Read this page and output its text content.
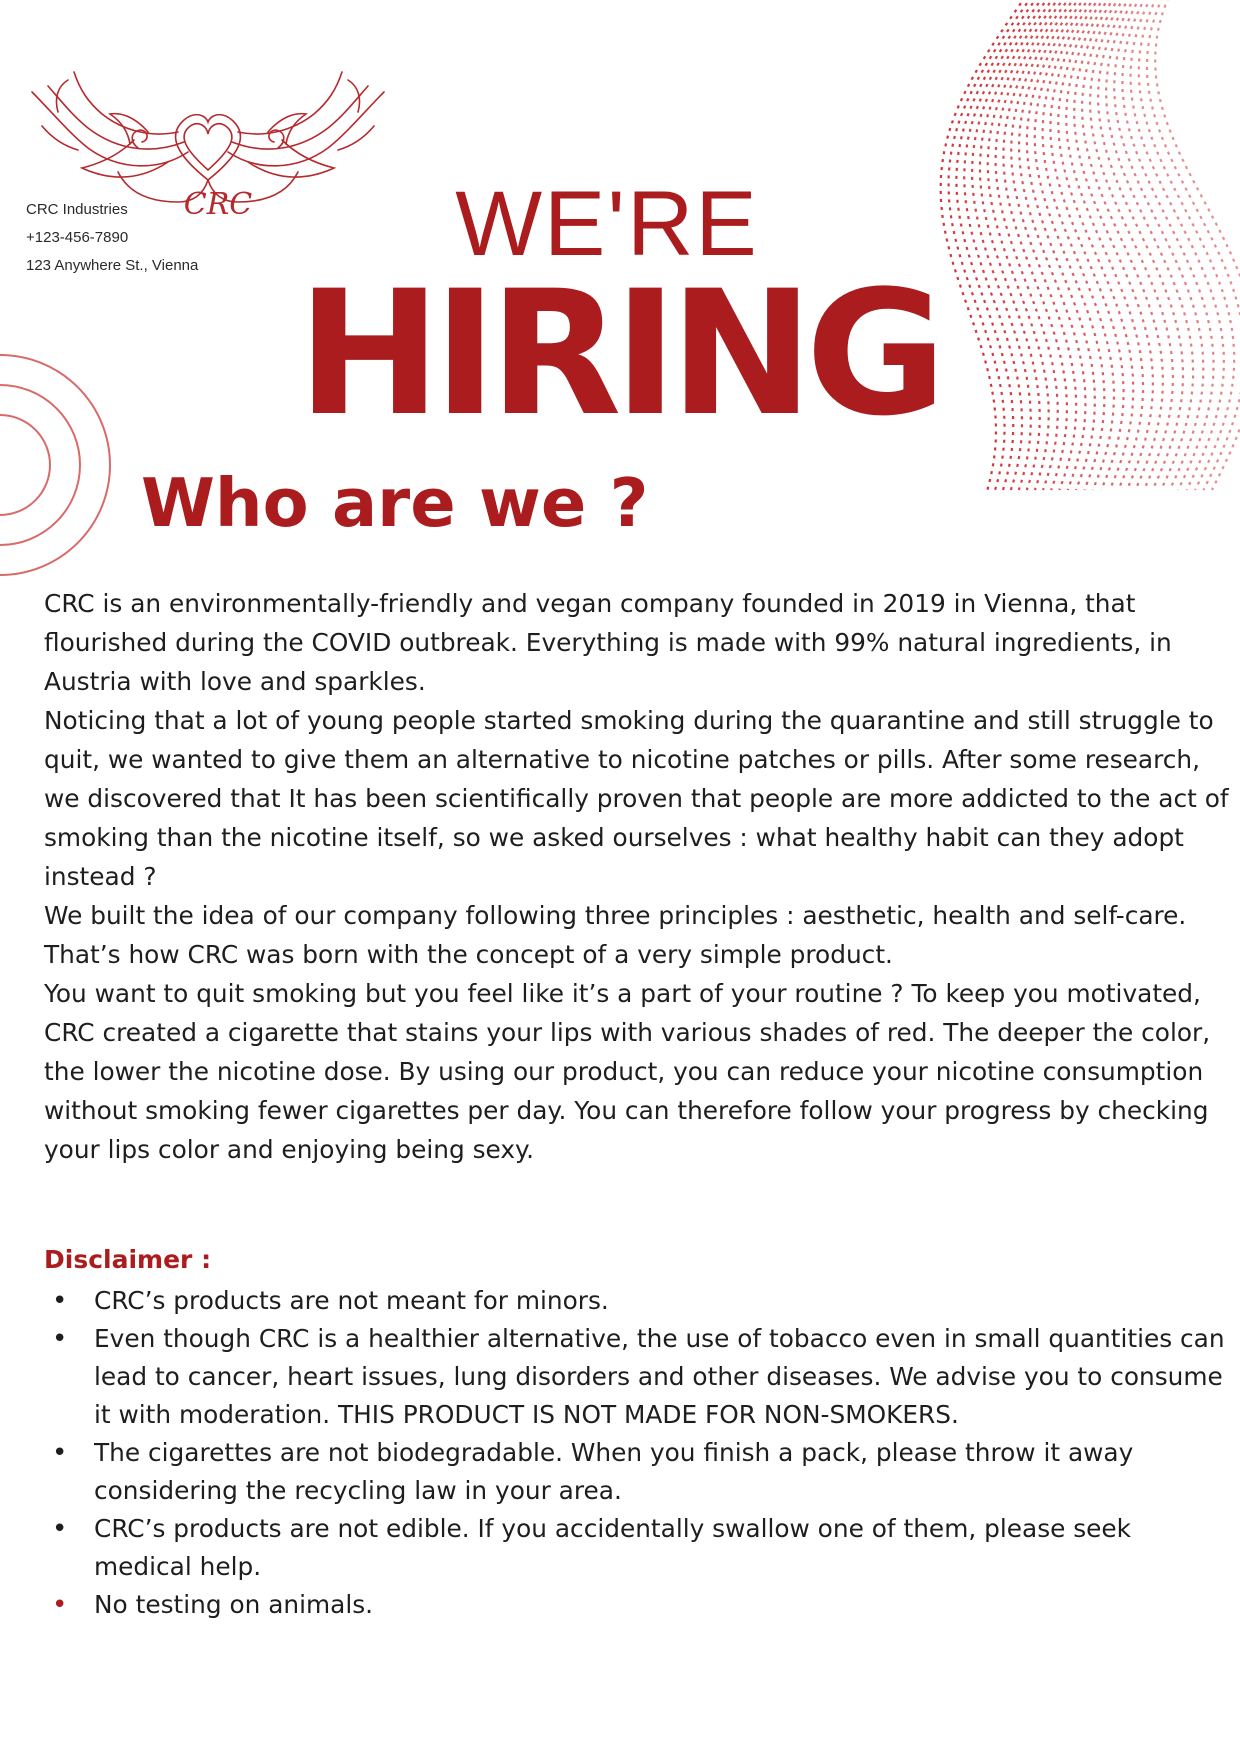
CRC
CRC Industries
+123-456-7890
123 Anywhere St., Vienna	WE'RE
HIRING
Who are we ?

CRC is an environmentally-friendly and vegan company founded in 2019 in Vienna, that flourished during the COVID outbreak. Everything is made with 99% natural ingredients, in Austria with love and sparkles.

Noticing that a lot of young people started smoking during the quarantine and still struggle to quit, we wanted to give them an alternative to nicotine patches or pills. After some research, we discovered that It has been scientifically proven that people are more addicted to the act of smoking than the nicotine itself, so we asked ourselves : what healthy habit can they adopt instead ?

We built the idea of our company following three principles : aesthetic, health and self-care.

That’s how CRC was born with the concept of a very simple product.

You want to quit smoking but you feel like it’s a part of your routine ? To keep you motivated, CRC created a cigarette that stains your lips with various shades of red. The deeper the color, the lower the nicotine dose. By using our product, you can reduce your nicotine consumption without smoking fewer cigarettes per day. You can therefore follow your progress by checking your lips color and enjoying being sexy.

Disclaimer :
• CRC’s products are not meant for minors.
• Even though CRC is a healthier alternative, the use of tobacco even in small quantities can lead to cancer, heart issues, lung disorders and other diseases. We advise you to consume it with moderation. THIS PRODUCT IS NOT MADE FOR NON-SMOKERS.
• The cigarettes are not biodegradable. When you finish a pack, please throw it away considering the recycling law in your area.
• CRC’s products are not edible. If you accidentally swallow one of them, please seek medical help.
• No testing on animals.
